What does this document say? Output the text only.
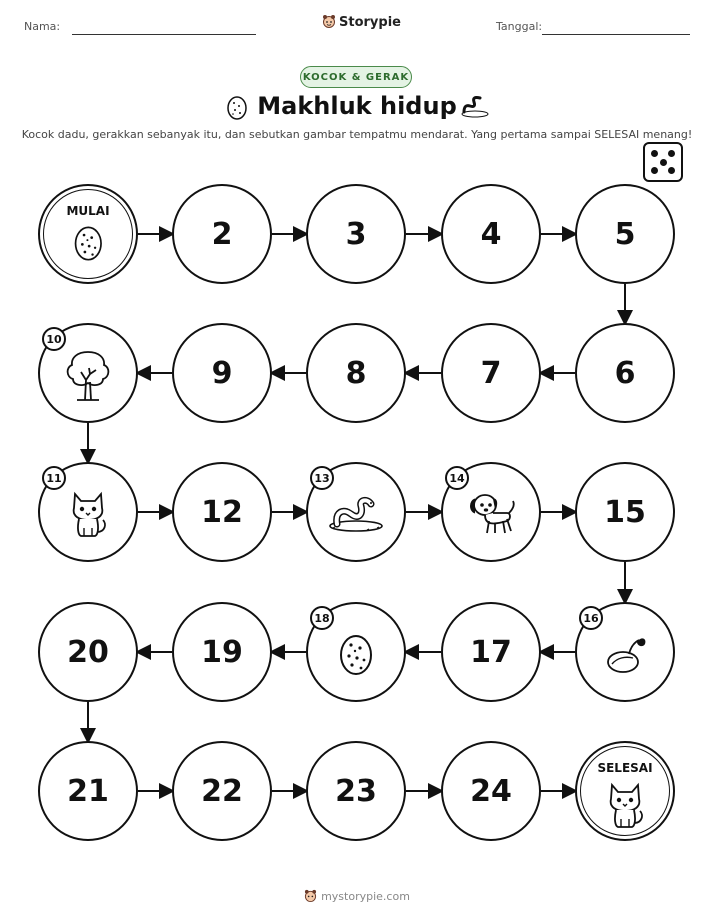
Nama:	Storypie	Tanggal:
KOCOK & GERAK
Makhluk hidup
Kocok dadu, gerakkan sebanyak itu, dan sebutkan gambar tempatmu mendarat. Yang pertama sampai SELESAI menang!
MULAI
2	3	4	5
6
7
8
9
10
11
12
13	14
15
16
17
18
19
20
21	22	23	24
SELESAI
mystorypie.com
